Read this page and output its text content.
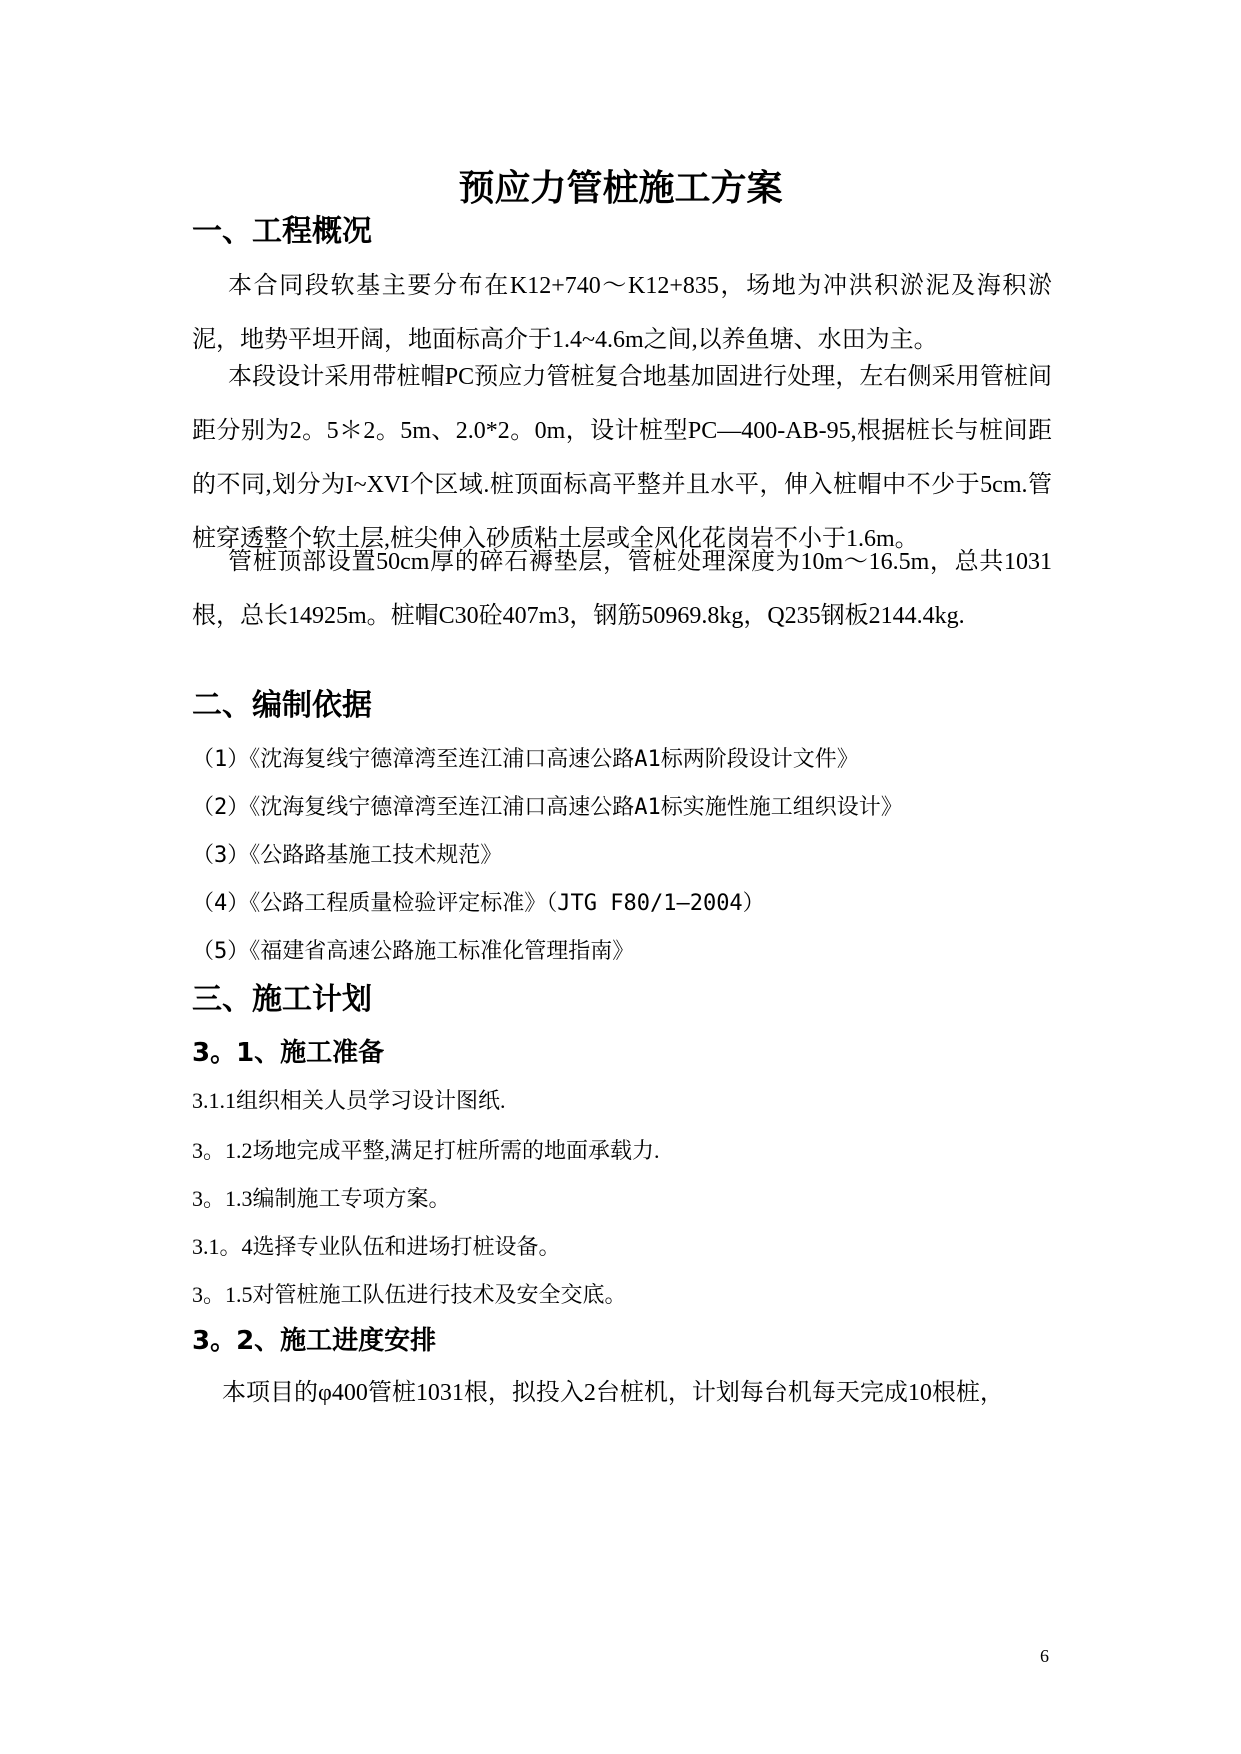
预应力管桩施工方案
一、工程概况
本合同段软基主要分布在K12+740～K12+835，场地为冲洪积淤泥及海积淤泥，地势平坦开阔，地面标高介于1.4~4.6m之间,以养鱼塘、水田为主。
本段设计采用带桩帽PC预应力管桩复合地基加固进行处理，左右侧采用管桩间距分别为2。5＊2。5m、2.0*2。0m，设计桩型PC—400-AB-95,根据桩长与桩间距的不同,划分为I~XVI个区域.桩顶面标高平整并且水平，伸入桩帽中不少于5cm.管桩穿透整个软土层,桩尖伸入砂质粘土层或全风化花岗岩不小于1.6m。
管桩顶部设置50cm厚的碎石褥垫层，管桩处理深度为10m～16.5m，总共1031根，总长14925m。桩帽C30砼407m3，钢筋50969.8kg，Q235钢板2144.4kg.
二、编制依据
（1）《沈海复线宁德漳湾至连江浦口高速公路A1标两阶段设计文件》
（2）《沈海复线宁德漳湾至连江浦口高速公路A1标实施性施工组织设计》
（3）《公路路基施工技术规范》
（4）《公路工程质量检验评定标准》（JTG F80/1—2004）
（5）《福建省高速公路施工标准化管理指南》
三、施工计划
3。1、施工准备
3.1.1组织相关人员学习设计图纸.
3。1.2场地完成平整,满足打桩所需的地面承载力.
3。1.3编制施工专项方案。
3.1。4选择专业队伍和进场打桩设备。
3。1.5对管桩施工队伍进行技术及安全交底。
3。2、施工进度安排
本项目的φ400管桩1031根，拟投入2台桩机，计划每台机每天完成10根桩，
6
